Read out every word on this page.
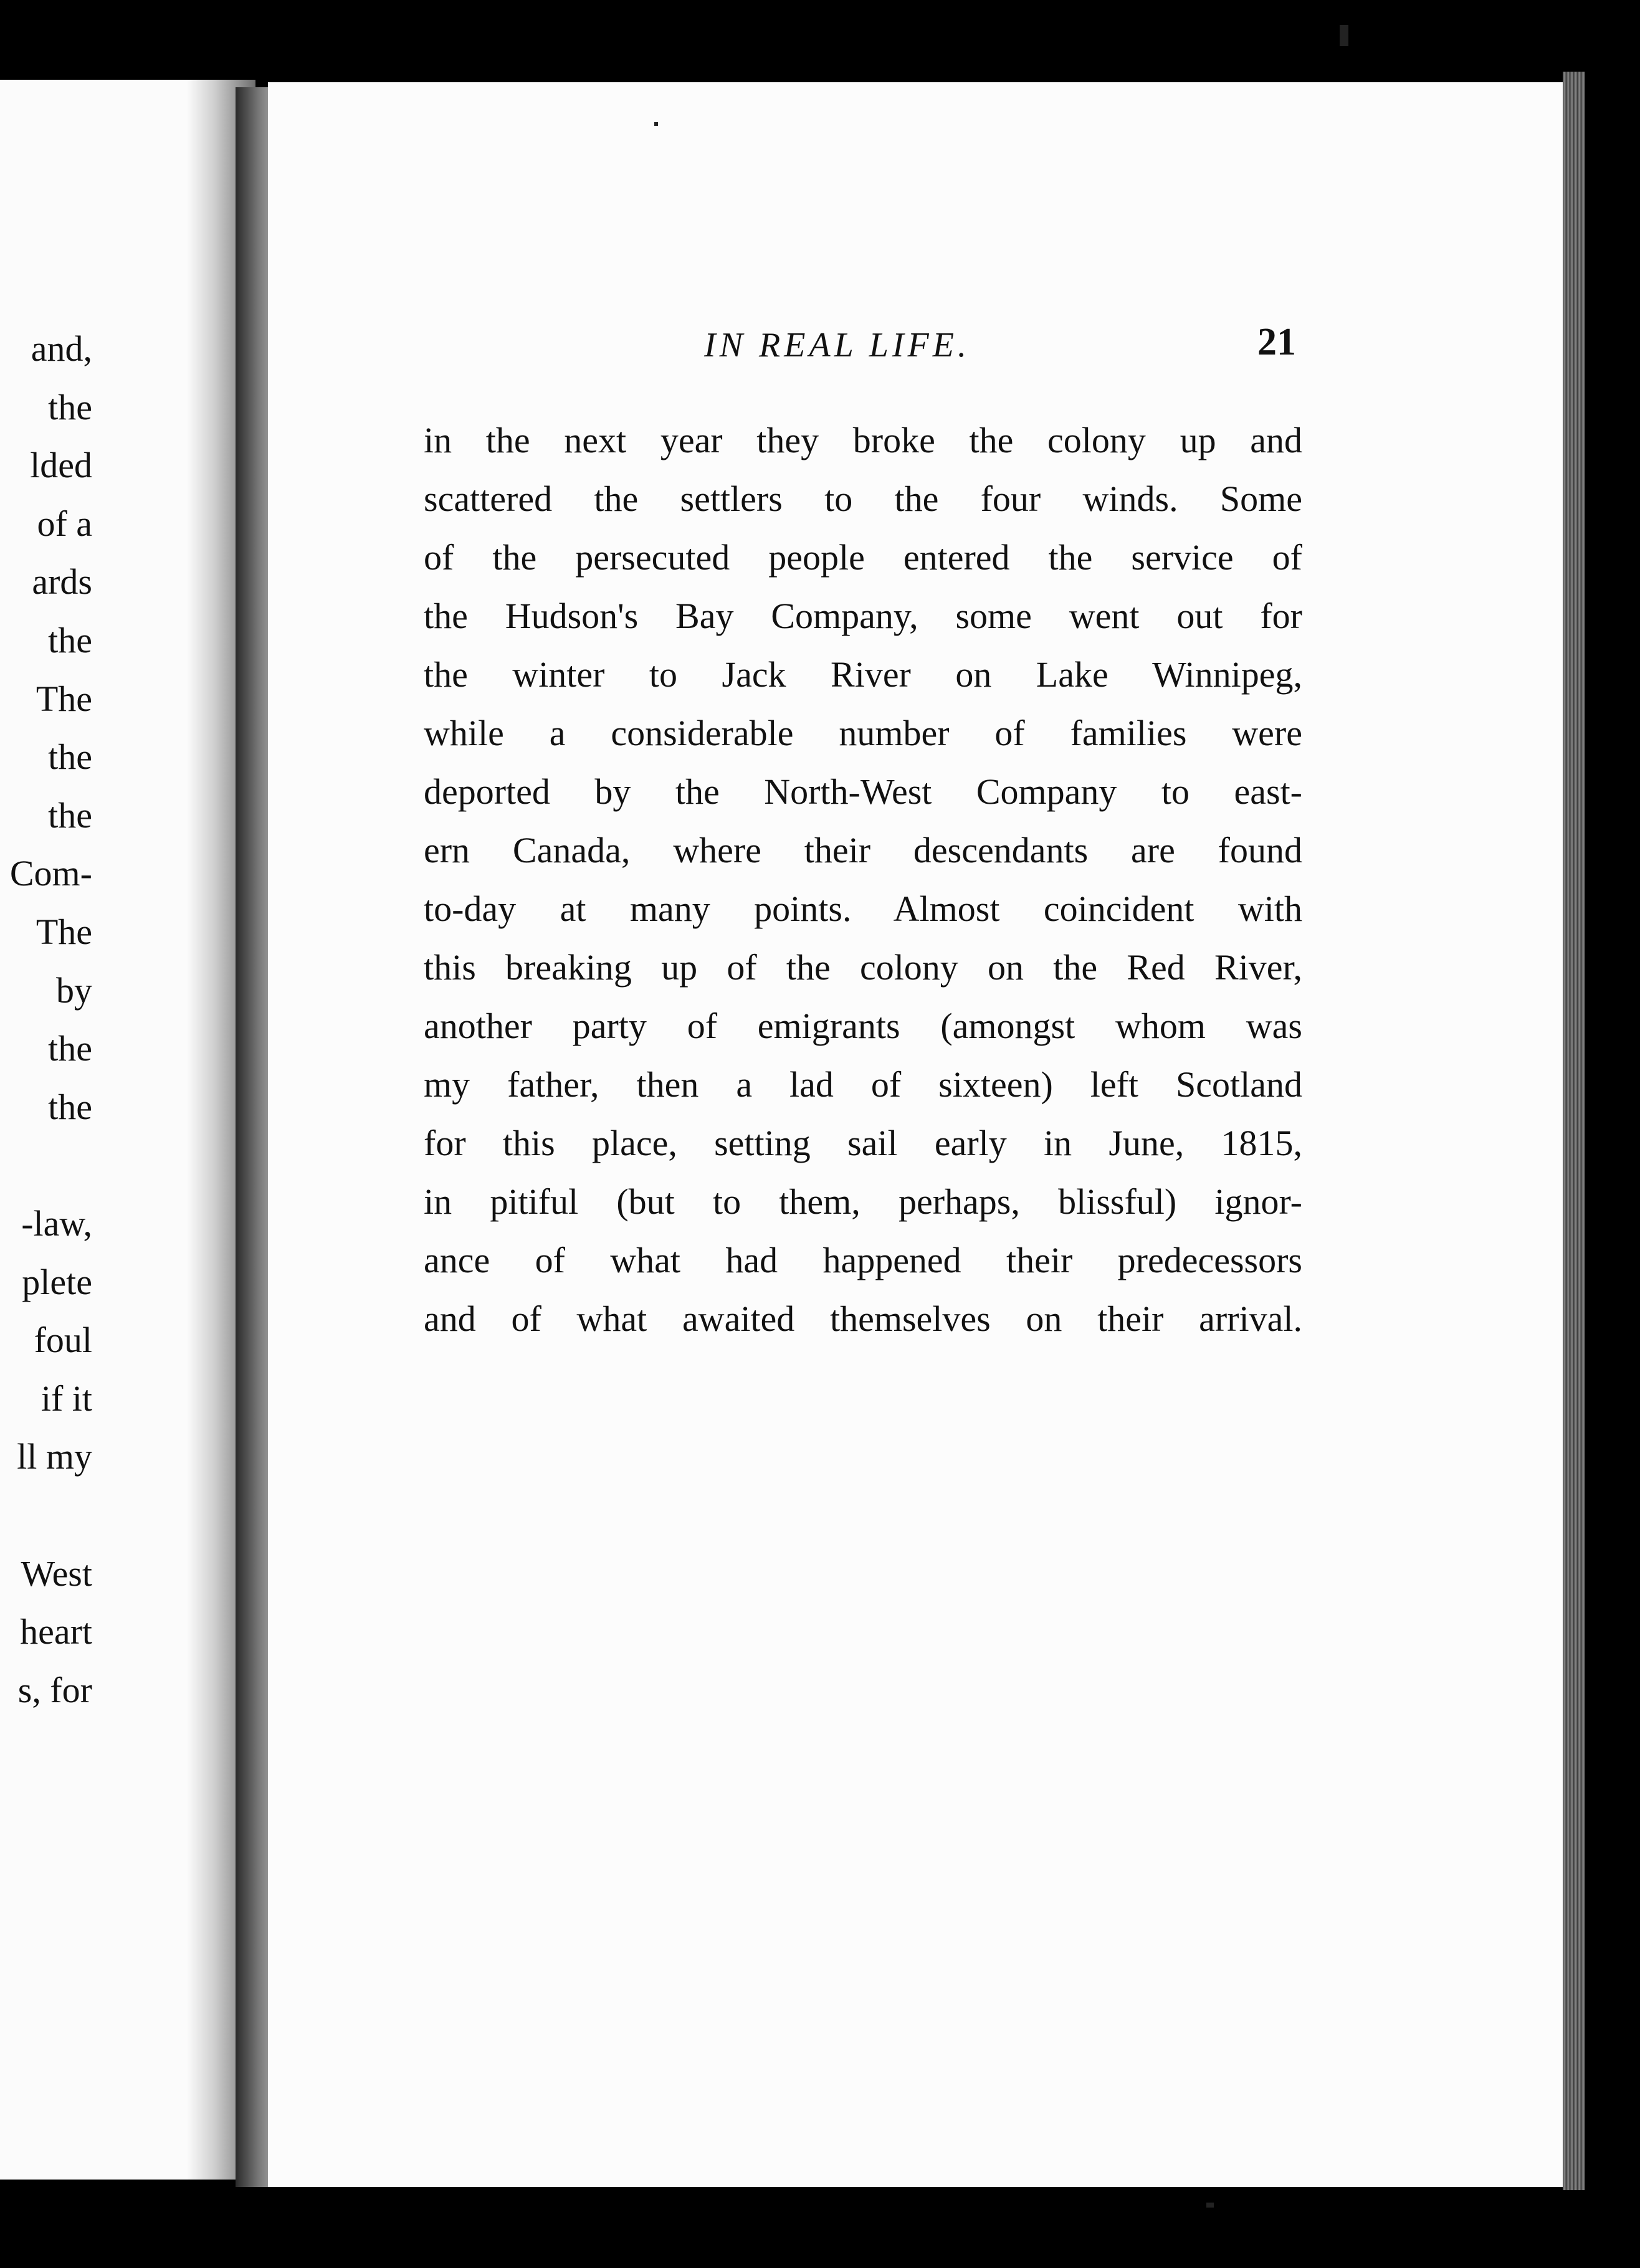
and,
the
lded
of a
ards
the
The
the
the
Com-
The
by
the
the
-law,
plete
foul
if it
ll my
West
heart
s, for
IN REAL LIFE.	21
in the next year they broke the colony up and
scattered the settlers to the four winds. Some
of the persecuted people entered the service of
the Hudson's Bay Company, some went out for
the winter to Jack River on Lake Winnipeg,
while a considerable number of families were
deported by the North-West Company to east-
ern Canada, where their descendants are found
to-day at many points. Almost coincident with
this breaking up of the colony on the Red River,
another party of emigrants (amongst whom was
my father, then a lad of sixteen) left Scotland
for this place, setting sail early in June, 1815,
in pitiful (but to them, perhaps, blissful) ignor-
ance of what had happened their predecessors
and of what awaited themselves on their arrival.
